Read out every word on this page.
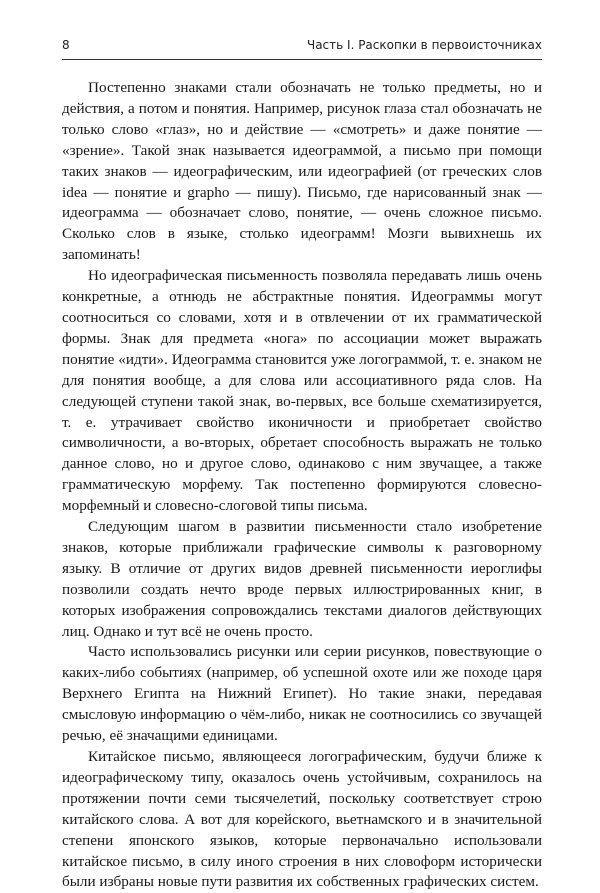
8	Часть I. Раскопки в первоисточниках

Постепенно знаками стали обозначать не только предметы, но и действия, а потом и понятия. Например, рисунок глаза стал обозначать не только слово «глаз», но и действие — «смотреть» и даже понятие — «зрение». Такой знак называется идеограммой, а письмо при помощи таких знаков — идеографическим, или идеографией (от греческих слов idea — понятие и grapho — пишу). Письмо, где нарисованный знак — идеограмма — обозначает слово, понятие, — очень сложное письмо. Сколько слов в языке, столько идеограмм! Мозги вывихнешь их запоминать!

Но идеографическая письменность позволяла передавать лишь очень конкретные, а отнюдь не абстрактные понятия. Идеограммы могут соотноситься со словами, хотя и в отвлечении от их грамматической формы. Знак для предмета «нога» по ассоциации может выражать понятие «идти». Идеограмма становится уже логограммой, т. е. знаком не для понятия вообще, а для слова или ассоциативного ряда слов. На следующей ступени такой знак, во-первых, все больше схематизируется, т. е. утрачивает свойство иконичности и приобретает свойство символичности, а во-вторых, обретает способность выражать не только данное слово, но и другое слово, одинаково с ним звучащее, а также грамматическую морфему. Так постепенно формируются словесно-морфемный и словесно-слоговой типы письма.

Следующим шагом в развитии письменности стало изобретение знаков, которые приближали графические символы к разговорному языку. В отличие от других видов древней письменности иероглифы позволили создать нечто вроде первых иллюстрированных книг, в которых изображения сопровождались текстами диалогов действующих лиц. Однако и тут всё не очень просто.

Часто использовались рисунки или серии рисунков, повествующие о каких-либо событиях (например, об успешной охоте или же походе царя Верхнего Египта на Нижний Египет). Но такие знаки, передавая смысловую информацию о чём-либо, никак не соотносились со звучащей речью, её значащими единицами.

Китайское письмо, являющееся логографическим, будучи ближе к идеографическому типу, оказалось очень устойчивым, сохранилось на протяжении почти семи тысячелетий, поскольку соответствует строю китайского слова. А вот для корейского, вьетнамского и в значительной степени японского языков, которые первоначально использовали китайское письмо, в силу иного строения в них словоформ исторически были избраны новые пути развития их собственных графических систем.
